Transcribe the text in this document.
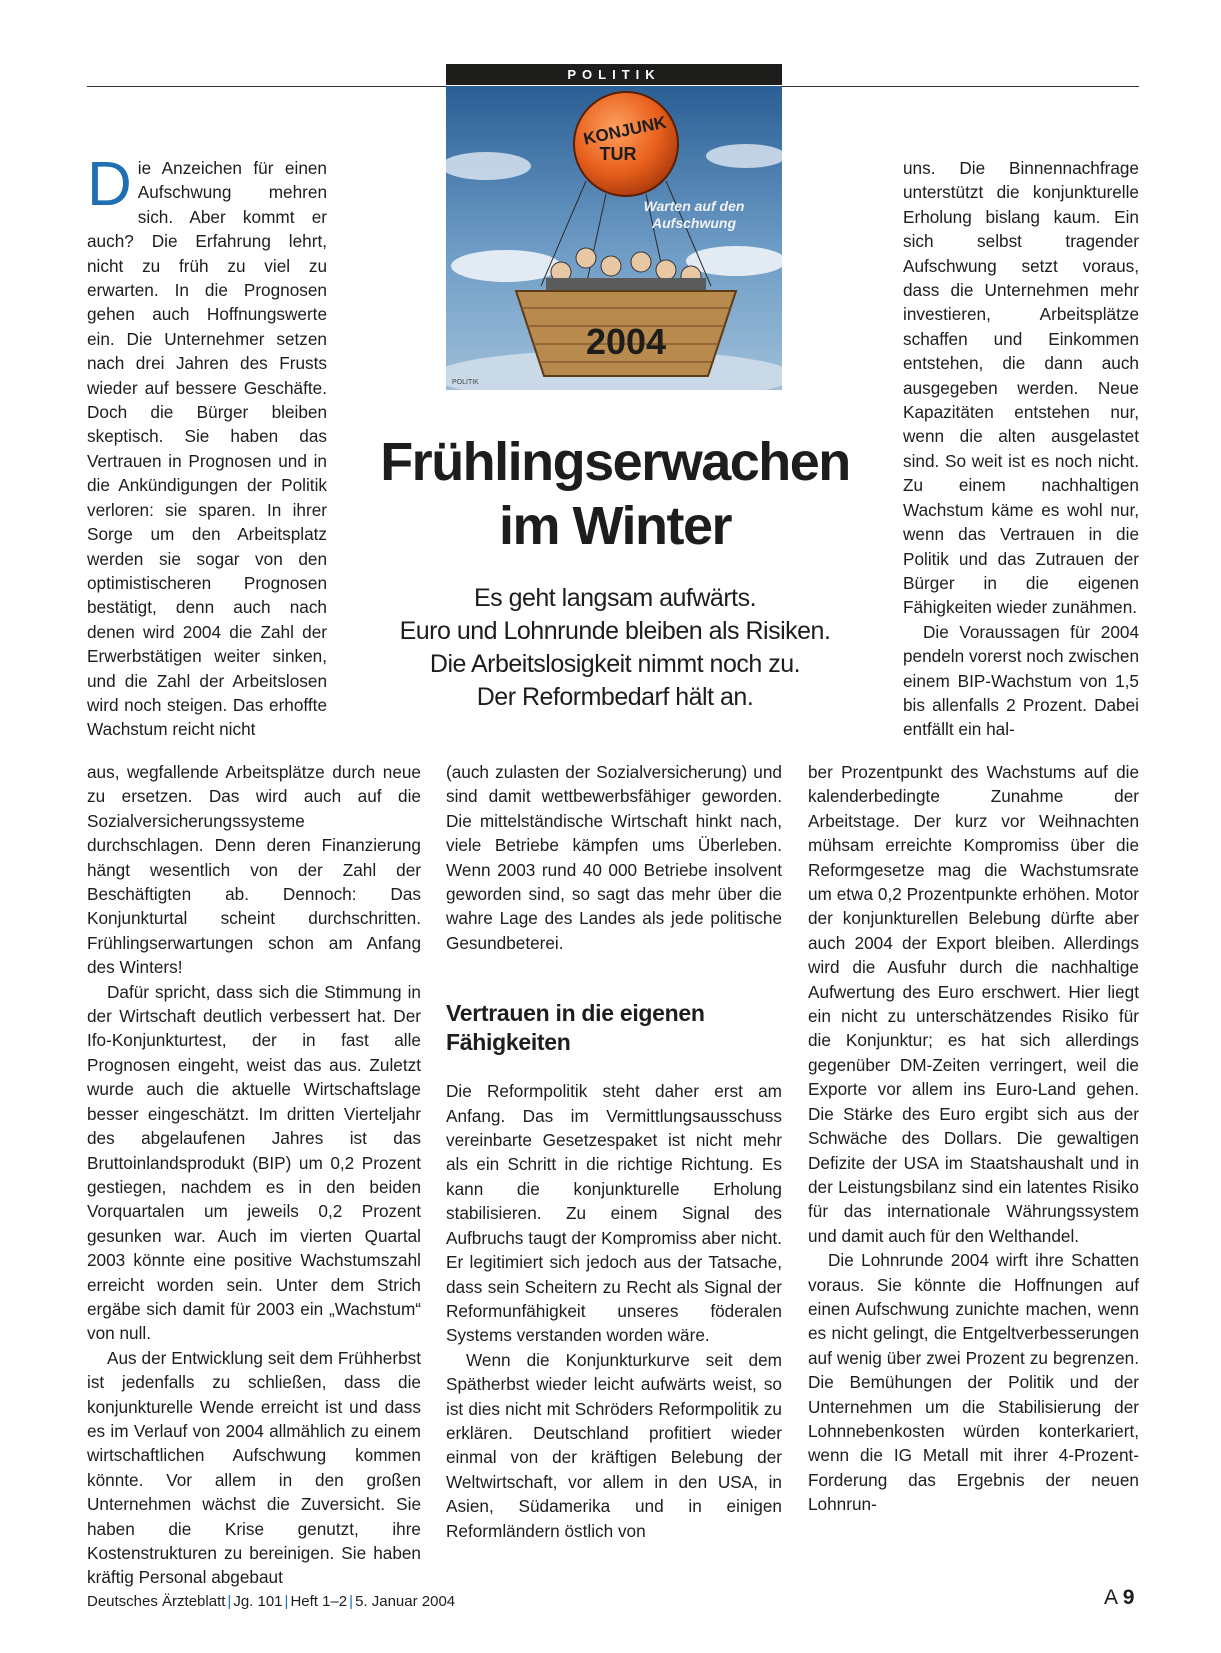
POLITIK
KONJUNK
TUR
Warten auf den
Aufschwung
2004
POLITIK
Frühlingserwachen
im Winter
Es geht langsam aufwärts.
Euro und Lohnrunde bleiben als Risiken.
Die Arbeitslosigkeit nimmt noch zu.
Der Reformbedarf hält an.

Die Anzeichen für einen Aufschwung mehren sich. Aber kommt er auch? Die Erfahrung lehrt, nicht zu früh zu viel zu erwarten. In die Prognosen gehen auch Hoffnungswerte ein. Die Unternehmer setzen nach drei Jahren des Frusts wieder auf bessere Geschäfte. Doch die Bürger bleiben skeptisch. Sie haben das Vertrauen in Prognosen und in die Ankündigungen der Politik verloren: sie sparen. In ihrer Sorge um den Arbeitsplatz werden sie sogar von den optimistischeren Prognosen bestätigt, denn auch nach denen wird 2004 die Zahl der Erwerbstätigen weiter sinken, und die Zahl der Arbeitslosen wird noch steigen. Das erhoffte Wachstum reicht nicht

aus, wegfallende Arbeitsplätze durch neue zu ersetzen. Das wird auch auf die Sozialversicherungssysteme durchschlagen. Denn deren Finanzierung hängt wesentlich von der Zahl der Beschäftigten ab. Dennoch: Das Konjunkturtal scheint durchschritten. Frühlingserwartungen schon am Anfang des Winters!

Dafür spricht, dass sich die Stimmung in der Wirtschaft deutlich verbessert hat. Der Ifo-Konjunkturtest, der in fast alle Prognosen eingeht, weist das aus. Zuletzt wurde auch die aktuelle Wirtschaftslage besser eingeschätzt. Im dritten Vierteljahr des abgelaufenen Jahres ist das Bruttoinlandsprodukt (BIP) um 0,2 Prozent gestiegen, nachdem es in den beiden Vorquartalen um jeweils 0,2 Prozent gesunken war. Auch im vierten Quartal 2003 könnte eine positive Wachstumszahl erreicht worden sein. Unter dem Strich ergäbe sich damit für 2003 ein „Wachstum“ von null.

Aus der Entwicklung seit dem Frühherbst ist jedenfalls zu schließen, dass die konjunkturelle Wende erreicht ist und dass es im Verlauf von 2004 allmählich zu einem wirtschaftlichen Aufschwung kommen könnte. Vor allem in den großen Unternehmen wächst die Zuversicht. Sie haben die Krise genutzt, ihre Kostenstrukturen zu bereinigen. Sie haben kräftig Personal abgebaut

(auch zulasten der Sozialversicherung) und sind damit wettbewerbsfähiger geworden. Die mittelständische Wirtschaft hinkt nach, viele Betriebe kämpfen ums Überleben. Wenn 2003 rund 40 000 Betriebe insolvent geworden sind, so sagt das mehr über die wahre Lage des Landes als jede politische Gesundbeterei.

Vertrauen in die eigenen Fähigkeiten

Die Reformpolitik steht daher erst am Anfang. Das im Vermittlungsausschuss vereinbarte Gesetzespaket ist nicht mehr als ein Schritt in die richtige Richtung. Es kann die konjunkturelle Erholung stabilisieren. Zu einem Signal des Aufbruchs taugt der Kompromiss aber nicht. Er legitimiert sich jedoch aus der Tatsache, dass sein Scheitern zu Recht als Signal der Reformunfähigkeit unseres föderalen Systems verstanden worden wäre.

Wenn die Konjunkturkurve seit dem Spätherbst wieder leicht aufwärts weist, so ist dies nicht mit Schröders Reformpolitik zu erklären. Deutschland profitiert wieder einmal von der kräftigen Belebung der Weltwirtschaft, vor allem in den USA, in Asien, Südamerika und in einigen Reformländern östlich von

uns. Die Binnennachfrage unterstützt die konjunkturelle Erholung bislang kaum. Ein sich selbst tragender Aufschwung setzt voraus, dass die Unternehmen mehr investieren, Arbeitsplätze schaffen und Einkommen entstehen, die dann auch ausgegeben werden. Neue Kapazitäten entstehen nur, wenn die alten ausgelastet sind. So weit ist es noch nicht. Zu einem nachhaltigen Wachstum käme es wohl nur, wenn das Vertrauen in die Politik und das Zutrauen der Bürger in die eigenen Fähigkeiten wieder zunähmen.

Die Voraussagen für 2004 pendeln vorerst noch zwischen einem BIP-Wachstum von 1,5 bis allenfalls 2 Prozent. Dabei entfällt ein hal-

ber Prozentpunkt des Wachstums auf die kalenderbedingte Zunahme der Arbeitstage. Der kurz vor Weihnachten mühsam erreichte Kompromiss über die Reformgesetze mag die Wachstumsrate um etwa 0,2 Prozentpunkte erhöhen. Motor der konjunkturellen Belebung dürfte aber auch 2004 der Export bleiben. Allerdings wird die Ausfuhr durch die nachhaltige Aufwertung des Euro erschwert. Hier liegt ein nicht zu unterschätzendes Risiko für die Konjunktur; es hat sich allerdings gegenüber DM-Zeiten verringert, weil die Exporte vor allem ins Euro-Land gehen. Die Stärke des Euro ergibt sich aus der Schwäche des Dollars. Die gewaltigen Defizite der USA im Staatshaushalt und in der Leistungsbilanz sind ein latentes Risiko für das internationale Währungssystem und damit auch für den Welthandel.

Die Lohnrunde 2004 wirft ihre Schatten voraus. Sie könnte die Hoffnungen auf einen Aufschwung zunichte machen, wenn es nicht gelingt, die Entgeltverbesserungen auf wenig über zwei Prozent zu begrenzen. Die Bemühungen der Politik und der Unternehmen um die Stabilisierung der Lohnnebenkosten würden konterkariert, wenn die IG Metall mit ihrer 4-Prozent-Forderung das Ergebnis der neuen Lohnrun-

Deutsches Ärzteblatt | Jg. 101 | Heft 1–2 | 5. Januar 2004	A 9
